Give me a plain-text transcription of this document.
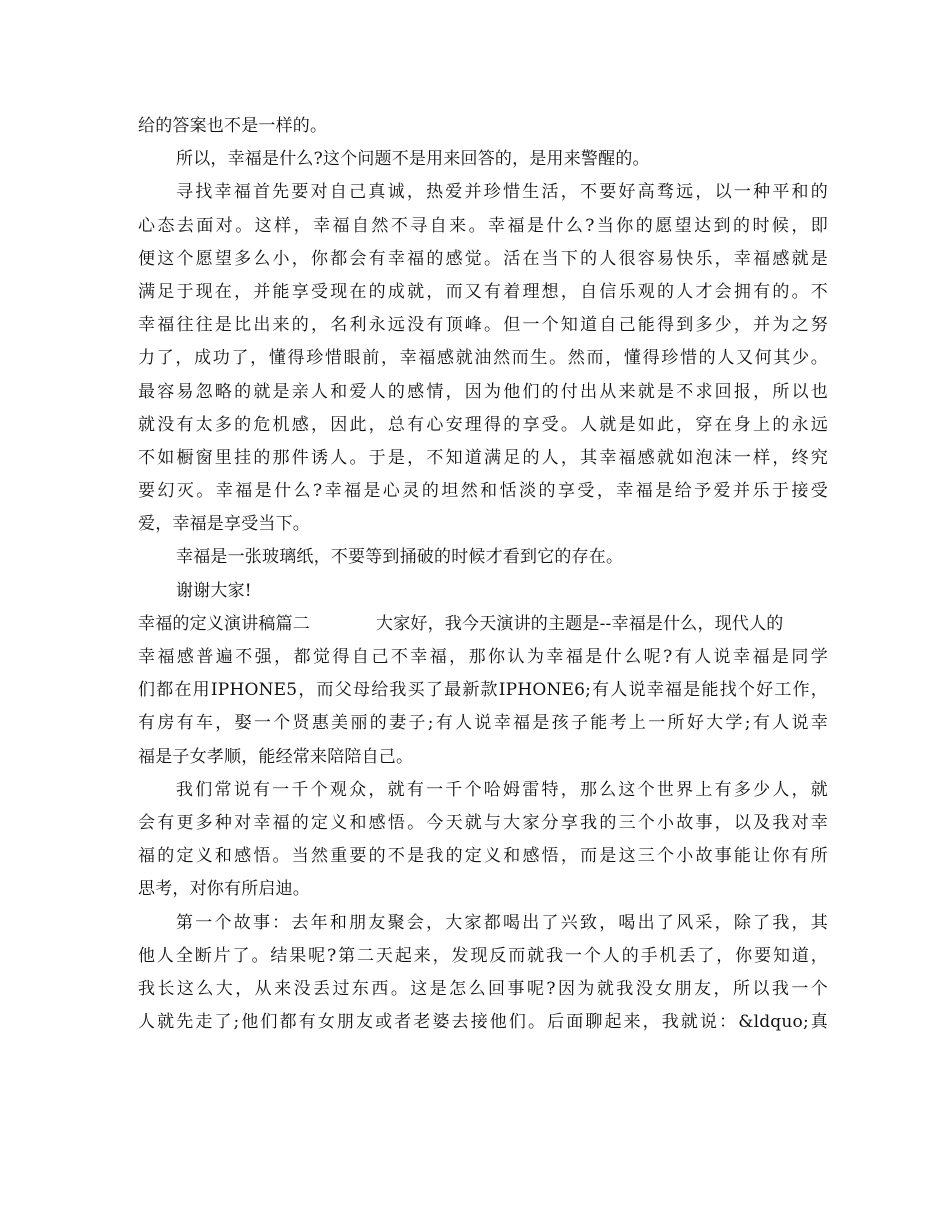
给的答案也不是一样的。
所以，幸福是什么?这个问题不是用来回答的，是用来警醒的。
寻找幸福首先要对自己真诚，热爱并珍惜生活，不要好高骛远，以一种平和的
心态去面对。这样，幸福自然不寻自来。幸福是什么?当你的愿望达到的时候，即
便这个愿望多么小，你都会有幸福的感觉。活在当下的人很容易快乐，幸福感就是
满足于现在，并能享受现在的成就，而又有着理想，自信乐观的人才会拥有的。不
幸福往往是比出来的，名利永远没有顶峰。但一个知道自己能得到多少，并为之努
力了，成功了，懂得珍惜眼前，幸福感就油然而生。然而，懂得珍惜的人又何其少。
最容易忽略的就是亲人和爱人的感情，因为他们的付出从来就是不求回报，所以也
就没有太多的危机感，因此，总有心安理得的享受。人就是如此，穿在身上的永远
不如橱窗里挂的那件诱人。于是，不知道满足的人，其幸福感就如泡沫一样，终究
要幻灭。幸福是什么?幸福是心灵的坦然和恬淡的享受，幸福是给予爱并乐于接受
爱，幸福是享受当下。
幸福是一张玻璃纸，不要等到捅破的时候才看到它的存在。
谢谢大家!
幸福的定义演讲稿篇二	大家好，我今天演讲的主题是--幸福是什么，现代人的
幸福感普遍不强，都觉得自己不幸福，那你认为幸福是什么呢?有人说幸福是同学
们都在用IPHONE5，而父母给我买了最新款IPHONE6;有人说幸福是能找个好工作，
有房有车，娶一个贤惠美丽的妻子;有人说幸福是孩子能考上一所好大学;有人说幸
福是子女孝顺，能经常来陪陪自己。
我们常说有一千个观众，就有一千个哈姆雷特，那么这个世界上有多少人，就
会有更多种对幸福的定义和感悟。今天就与大家分享我的三个小故事，以及我对幸
福的定义和感悟。当然重要的不是我的定义和感悟，而是这三个小故事能让你有所
思考，对你有所启迪。
第一个故事：去年和朋友聚会，大家都喝出了兴致，喝出了风采，除了我，其
他人全断片了。结果呢?第二天起来，发现反而就我一个人的手机丢了，你要知道，
我长这么大，从来没丢过东西。这是怎么回事呢?因为就我没女朋友，所以我一个
人就先走了;他们都有女朋友或者老婆去接他们。后面聊起来，我就说：&ldquo;真
